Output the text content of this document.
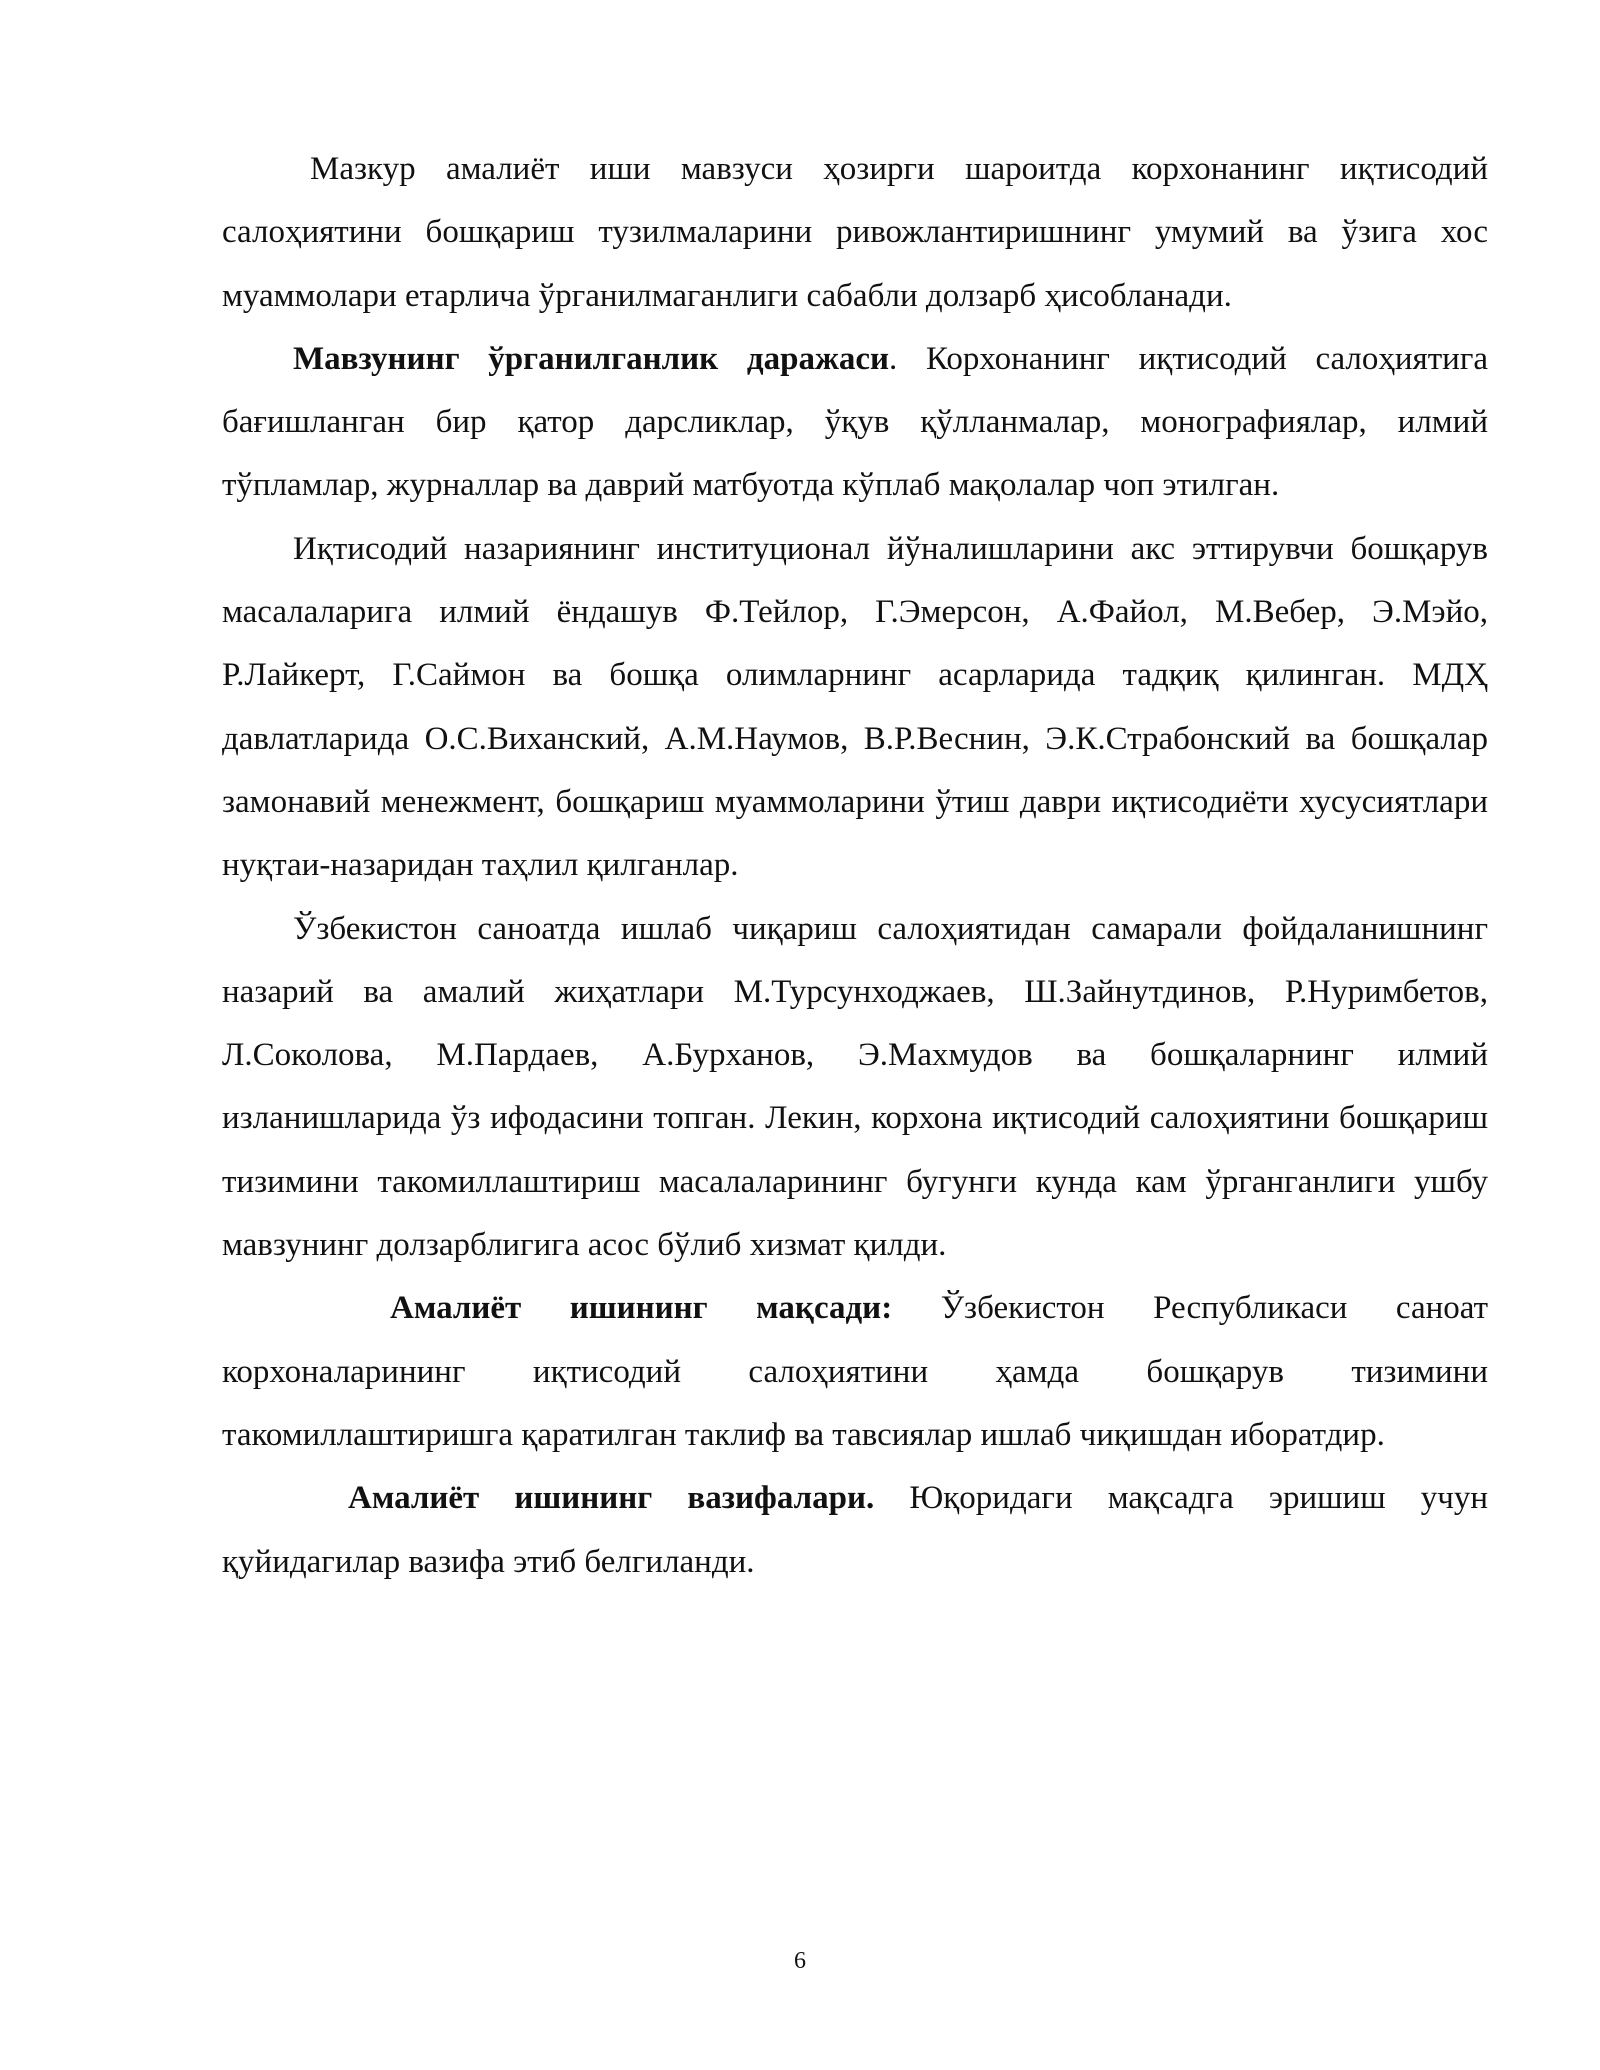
Мазкур амалиёт иши мавзуси ҳозирги шароитда корхонанинг иқтисодий салоҳиятини бошқариш тузилмаларини ривожлантиришнинг умумий ва ўзига хос муаммолари етарлича ўрганилмаганлиги сабабли долзарб ҳисобланади.

Мавзунинг ўрганилганлик даражаси. Корхонанинг иқтисодий салоҳиятига бағишланган бир қатор дарсликлар, ўқув қўлланмалар, монографиялар, илмий тўпламлар, журналлар ва даврий матбуотда кўплаб мақолалар чоп этилган.

Иқтисодий назариянинг институционал йўналишларини акс эттирувчи бошқарув масалаларига илмий ёндашув Ф.Тейлор, Г.Эмерсон, А.Файол, М.Вебер, Э.Мэйо, Р.Лайкерт, Г.Саймон ва бошқа олимларнинг асарларида тадқиқ қилинган. МДҲ давлатларида О.С.Виханский, А.М.Наумов, В.Р.Веснин, Э.К.Страбонский ва бошқалар замонавий менежмент, бошқариш муаммоларини ўтиш даври иқтисодиёти хусусиятлари нуқтаи-назаридан таҳлил қилганлар.

Ўзбекистон саноатда ишлаб чиқариш салоҳиятидан самарали фойдаланишнинг назарий ва амалий жиҳатлари М.Турсунходжаев, Ш.Зайнутдинов, Р.Нуримбетов, Л.Соколова, М.Пардаев, А.Бурханов, Э.Махмудов ва бошқаларнинг илмий изланишларида ўз ифодасини топган. Лекин, корхона иқтисодий салоҳиятини бошқариш тизимини такомиллаштириш масалаларининг бугунги кунда кам ўрганганлиги ушбу мавзунинг долзарблигига асос бўлиб хизмат қилди.

Амалиёт ишининг мақсади: Ўзбекистон Республикаси саноат корхоналарининг иқтисодий салоҳиятини ҳамда бошқарув тизимини такомиллаштиришга қаратилган таклиф ва тавсиялар ишлаб чиқишдан иборатдир.

Амалиёт ишининг вазифалари. Юқоридаги мақсадга эришиш учун қуйидагилар вазифа этиб белгиланди.

6
